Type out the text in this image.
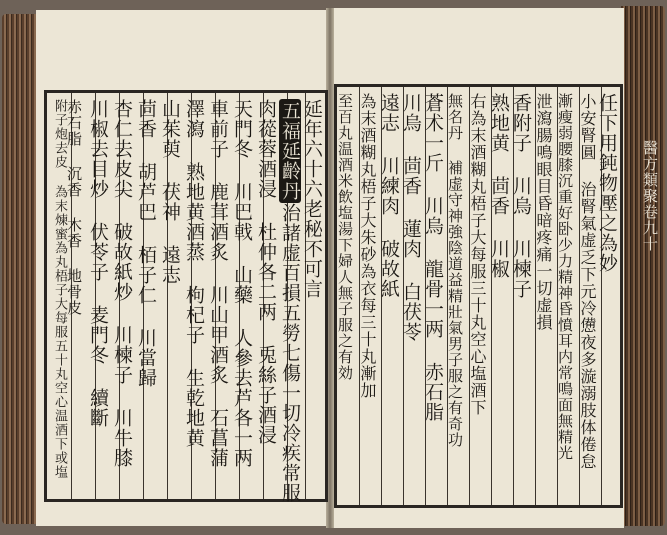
延年六十六老秘不可言
五福延齡丹治諸虚百損五勞七傷一切冷疾常服
肉蓯蓉酒浸 杜仲各二两 兎絲子酒浸
天門冬 川巴戟 山藥 人參去芦各一两
車前子 鹿茸酒炙 川山甲酒炙 石菖蒲
澤瀉 熟地黄酒蒸 枸杞子 生乾地黄
山茱萸 茯神 遠志
茴香 胡芦巴 栢子仁 川當歸
杏仁去皮尖 破故紙炒 川楝子 川牛膝
川椒去目炒 伏苓子 麦門冬 續斷
赤石脂 沉香 木香 地骨皮
附子炮去皮 為末煉蜜為丸梧子大每服五十丸空心温酒下或塩	任下用鈍物壓之為妙
小安腎圓 治腎氣虚乏下元冷憊夜多漩溺肢体倦怠
漸瘦弱腰膝沉重好卧少力精神昏憤耳内常鳴面無精光
泄瀉腸鳴眼目昏暗疼痛一切虚損
香附子 川烏 川楝子
熟地黄 茴香 川椒
右為末酒糊丸梧子大每服三十丸空心塩酒下
無名丹 補虚守神強陰道益精壯氣男子服之有奇功
蒼术一斤 川烏 龍骨一两 赤石脂
川烏 茴香 蓮肉 白茯苓
遠志 川練肉 破故紙
為末酒糊丸梧子大朱砂為衣每三十丸漸加
至百丸温酒米飲塩湯下婦人無子服之有効	醫方類聚卷九十
